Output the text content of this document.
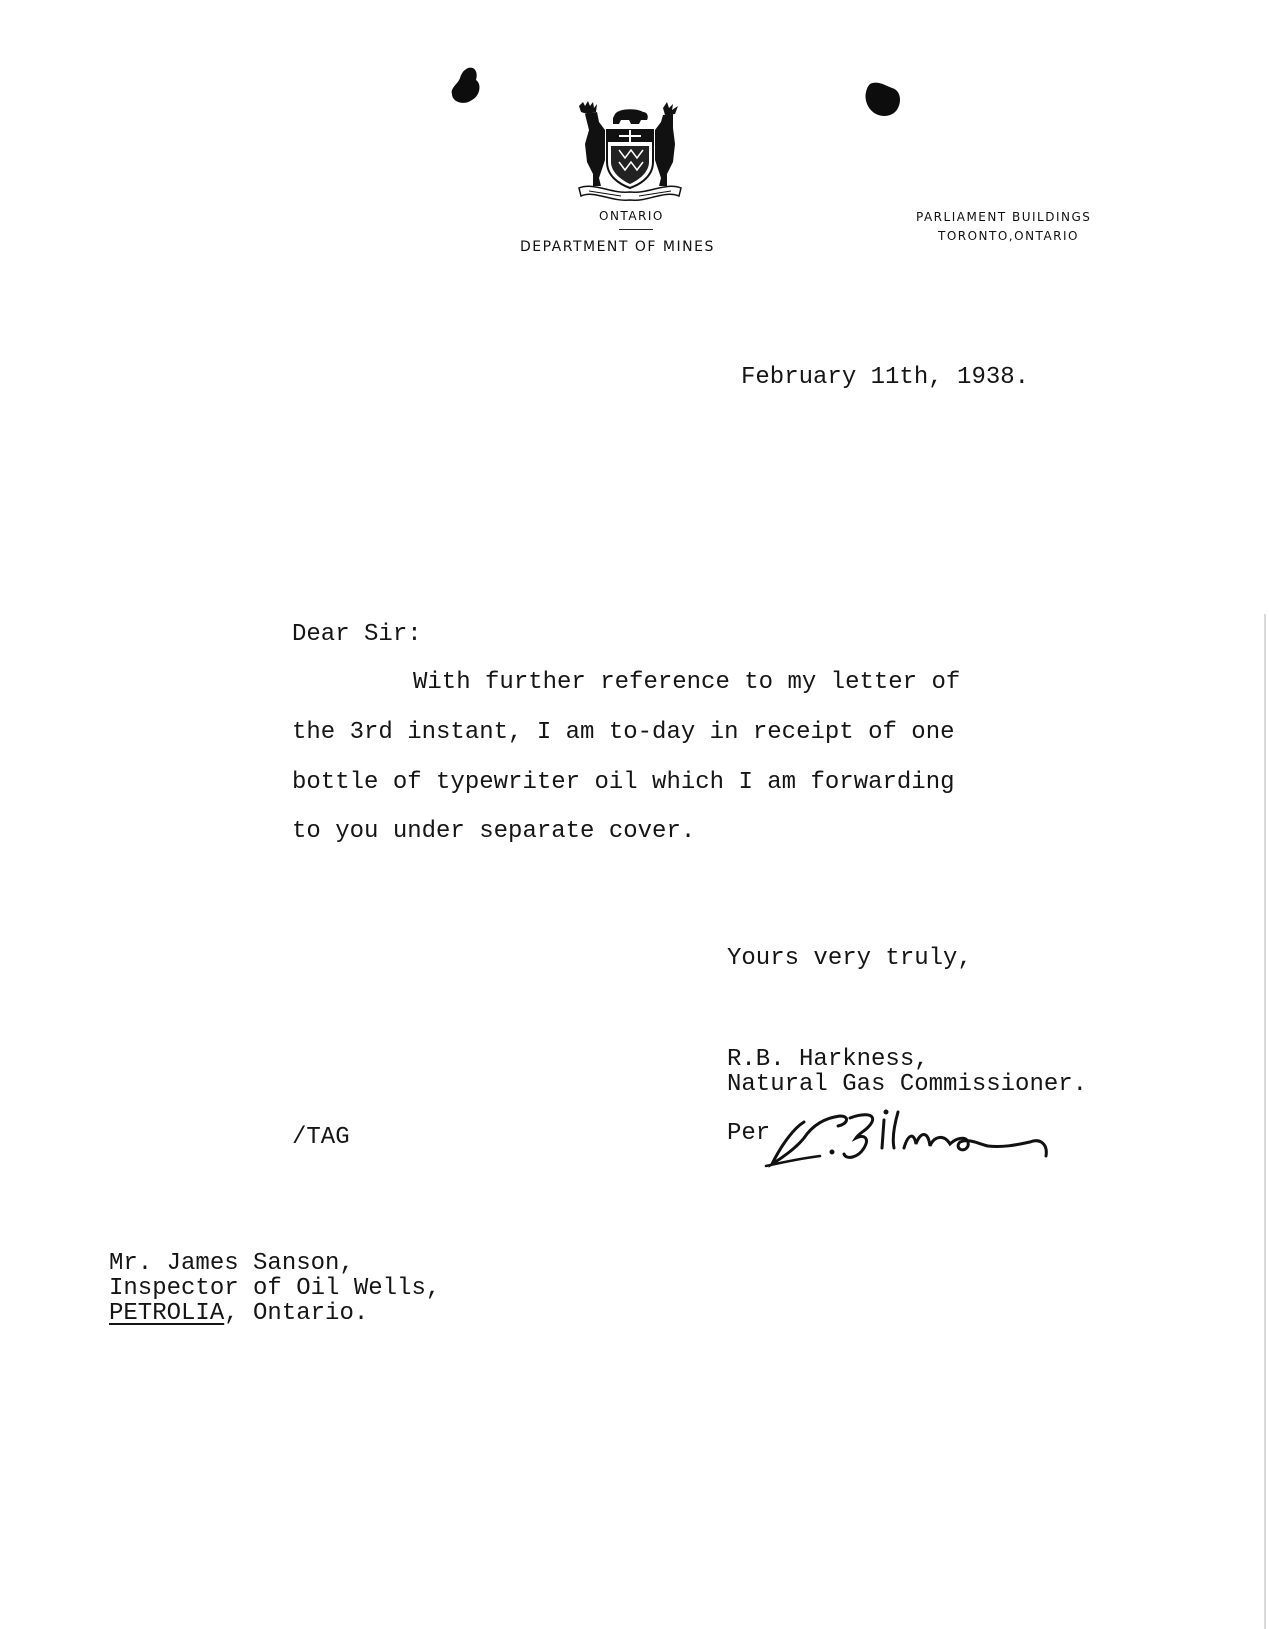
ONTARIO
DEPARTMENT OF MINES
PARLIAMENT BUILDINGS
TORONTO,ONTARIO
February 11th, 1938.
Dear Sir:
With further reference to my letter of
the 3rd instant, I am to-day in receipt of one
bottle of typewriter oil which I am forwarding
to you under separate cover.
Yours very truly,
R.B. Harkness,
Natural Gas Commissioner.
/TAG	Per
Mr. James Sanson,
Inspector of Oil Wells,
PETROLIA, Ontario.
